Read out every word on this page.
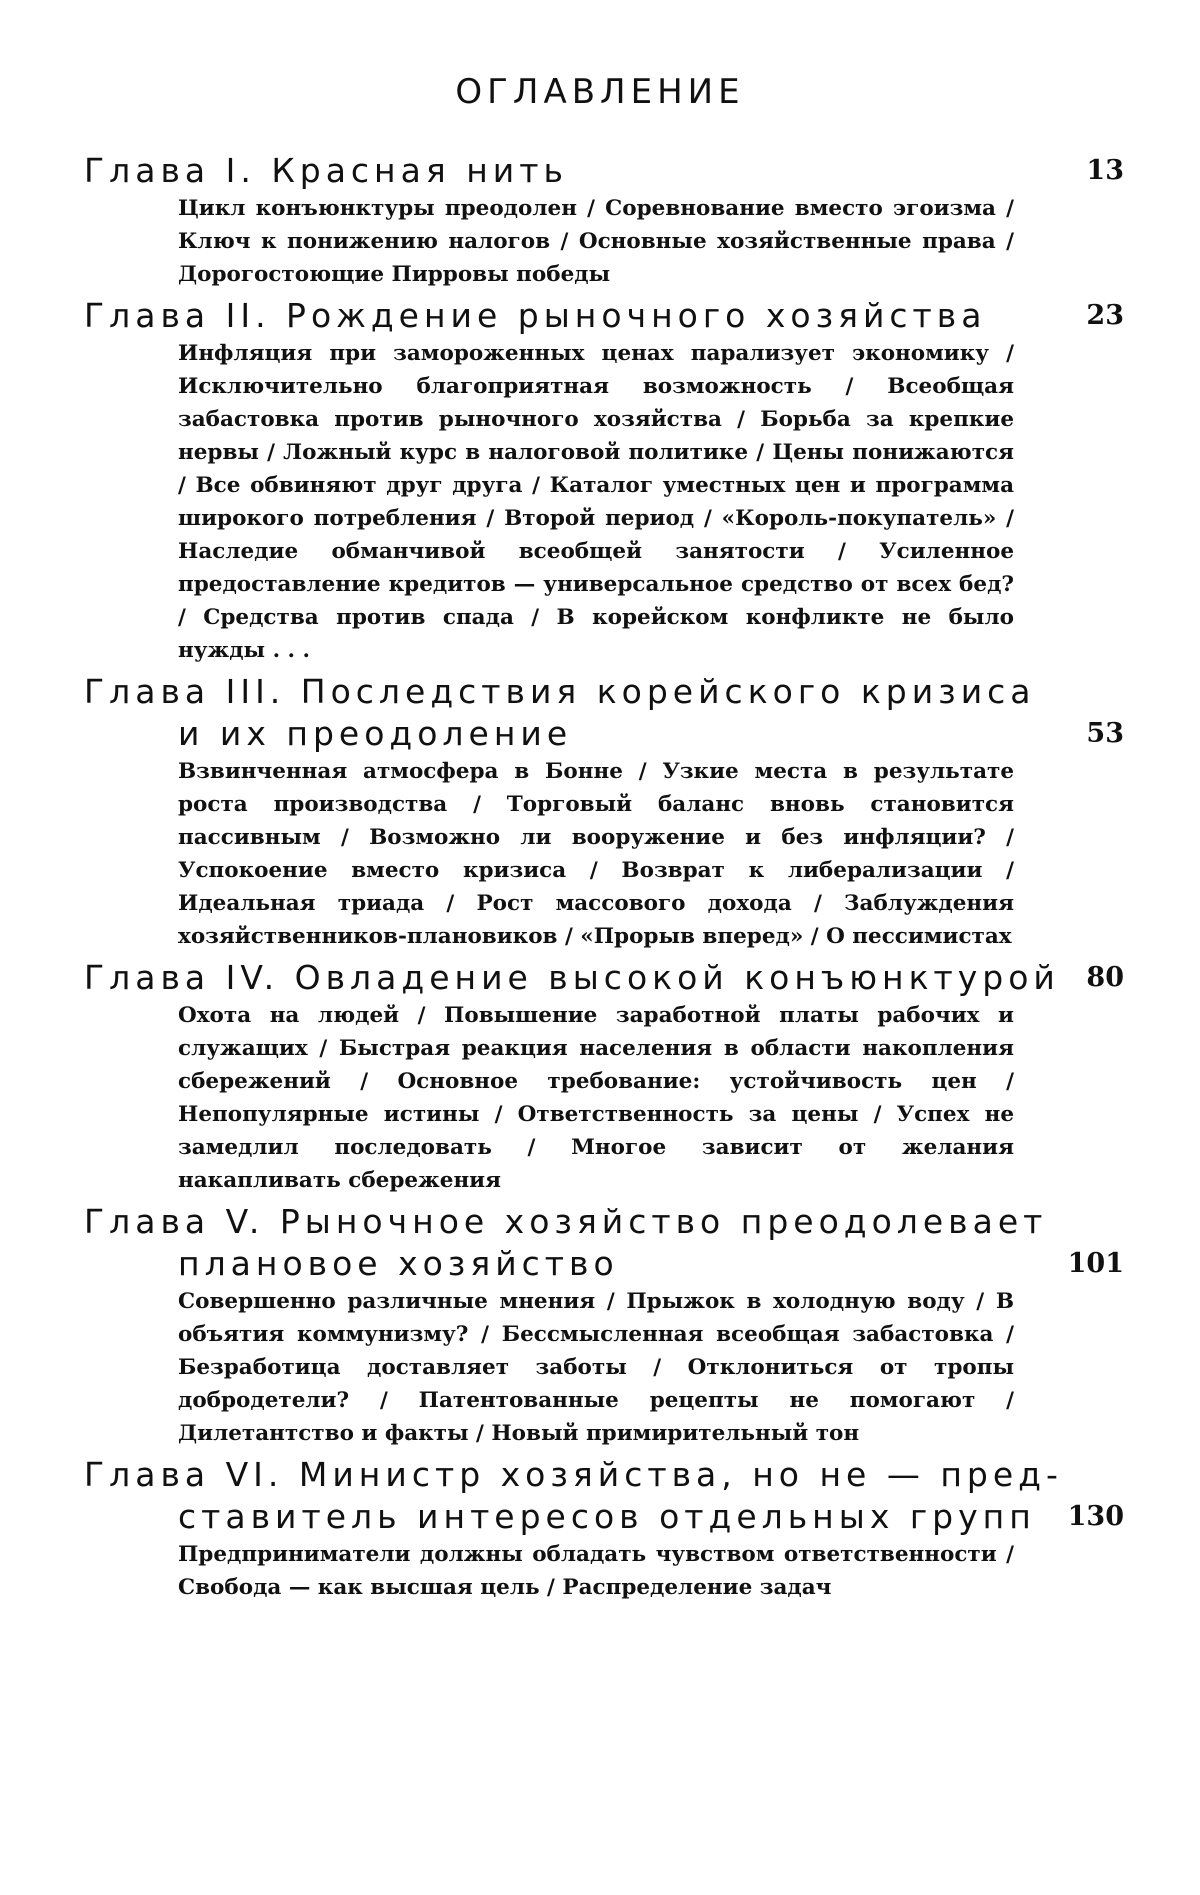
ОГЛАВЛЕНИЕ
Глава I. Красная нить	13
Цикл конъюнктуры преодолен / Соревнование вместо эгоизма / Ключ к понижению налогов / Основные хозяйственные права / Дорогостоющие Пирровы победы
Глава II. Рождение рыночного хозяйства	23
Инфляция при замороженных ценах парализует экономику / Исключительно благоприятная возможность / Всеобщая забастовка против рыночного хозяйства / Борьба за крепкие нервы / Ложный курс в налоговой политике / Цены понижаются / Все обвиняют друг друга / Каталог уместных цен и программа широкого потребления / Второй период / «Король-покупатель» / Наследие обманчивой всеобщей занятости / Усиленное предоставление кредитов — универсальное средство от всех бед? / Средства против спада / В корейском конфликте не было нужды . . .
Глава III. Последствия корейского кризиса
и их преодоление	53
Взвинченная атмосфера в Бонне / Узкие места в результате роста производства / Торговый баланс вновь становится пассивным / Возможно ли вооружение и без инфляции? / Успокоение вместо кризиса / Возврат к либерализации / Идеальная триада / Рост массового дохода / Заблуждения хозяйственников-плановиков / «Прорыв вперед» / О пессимистах
Глава IV. Овладение высокой конъюнктурой 80
Охота на людей / Повышение заработной платы рабочих и служащих / Быстрая реакция населения в области накопления сбережений / Основное требование: устойчивость цен / Непопулярные истины / Ответственность за цены / Успех не замедлил последовать / Многое зависит от желания накапливать сбережения
Глава V. Рыночное хозяйство преодолевает
плановое хозяйство	101
Совершенно различные мнения / Прыжок в холодную воду / В объятия коммунизму? / Бессмысленная всеобщая забастовка / Безработица доставляет заботы / Отклониться от тропы добродетели? / Патентованные рецепты не помогают / Дилетантство и факты / Новый примирительный тон
Глава VI. Министр хозяйства, но не — пред-
ставитель интересов отдельных групп	130
Предприниматели должны обладать чувством ответственности / Свобода — как высшая цель / Распределение задач
